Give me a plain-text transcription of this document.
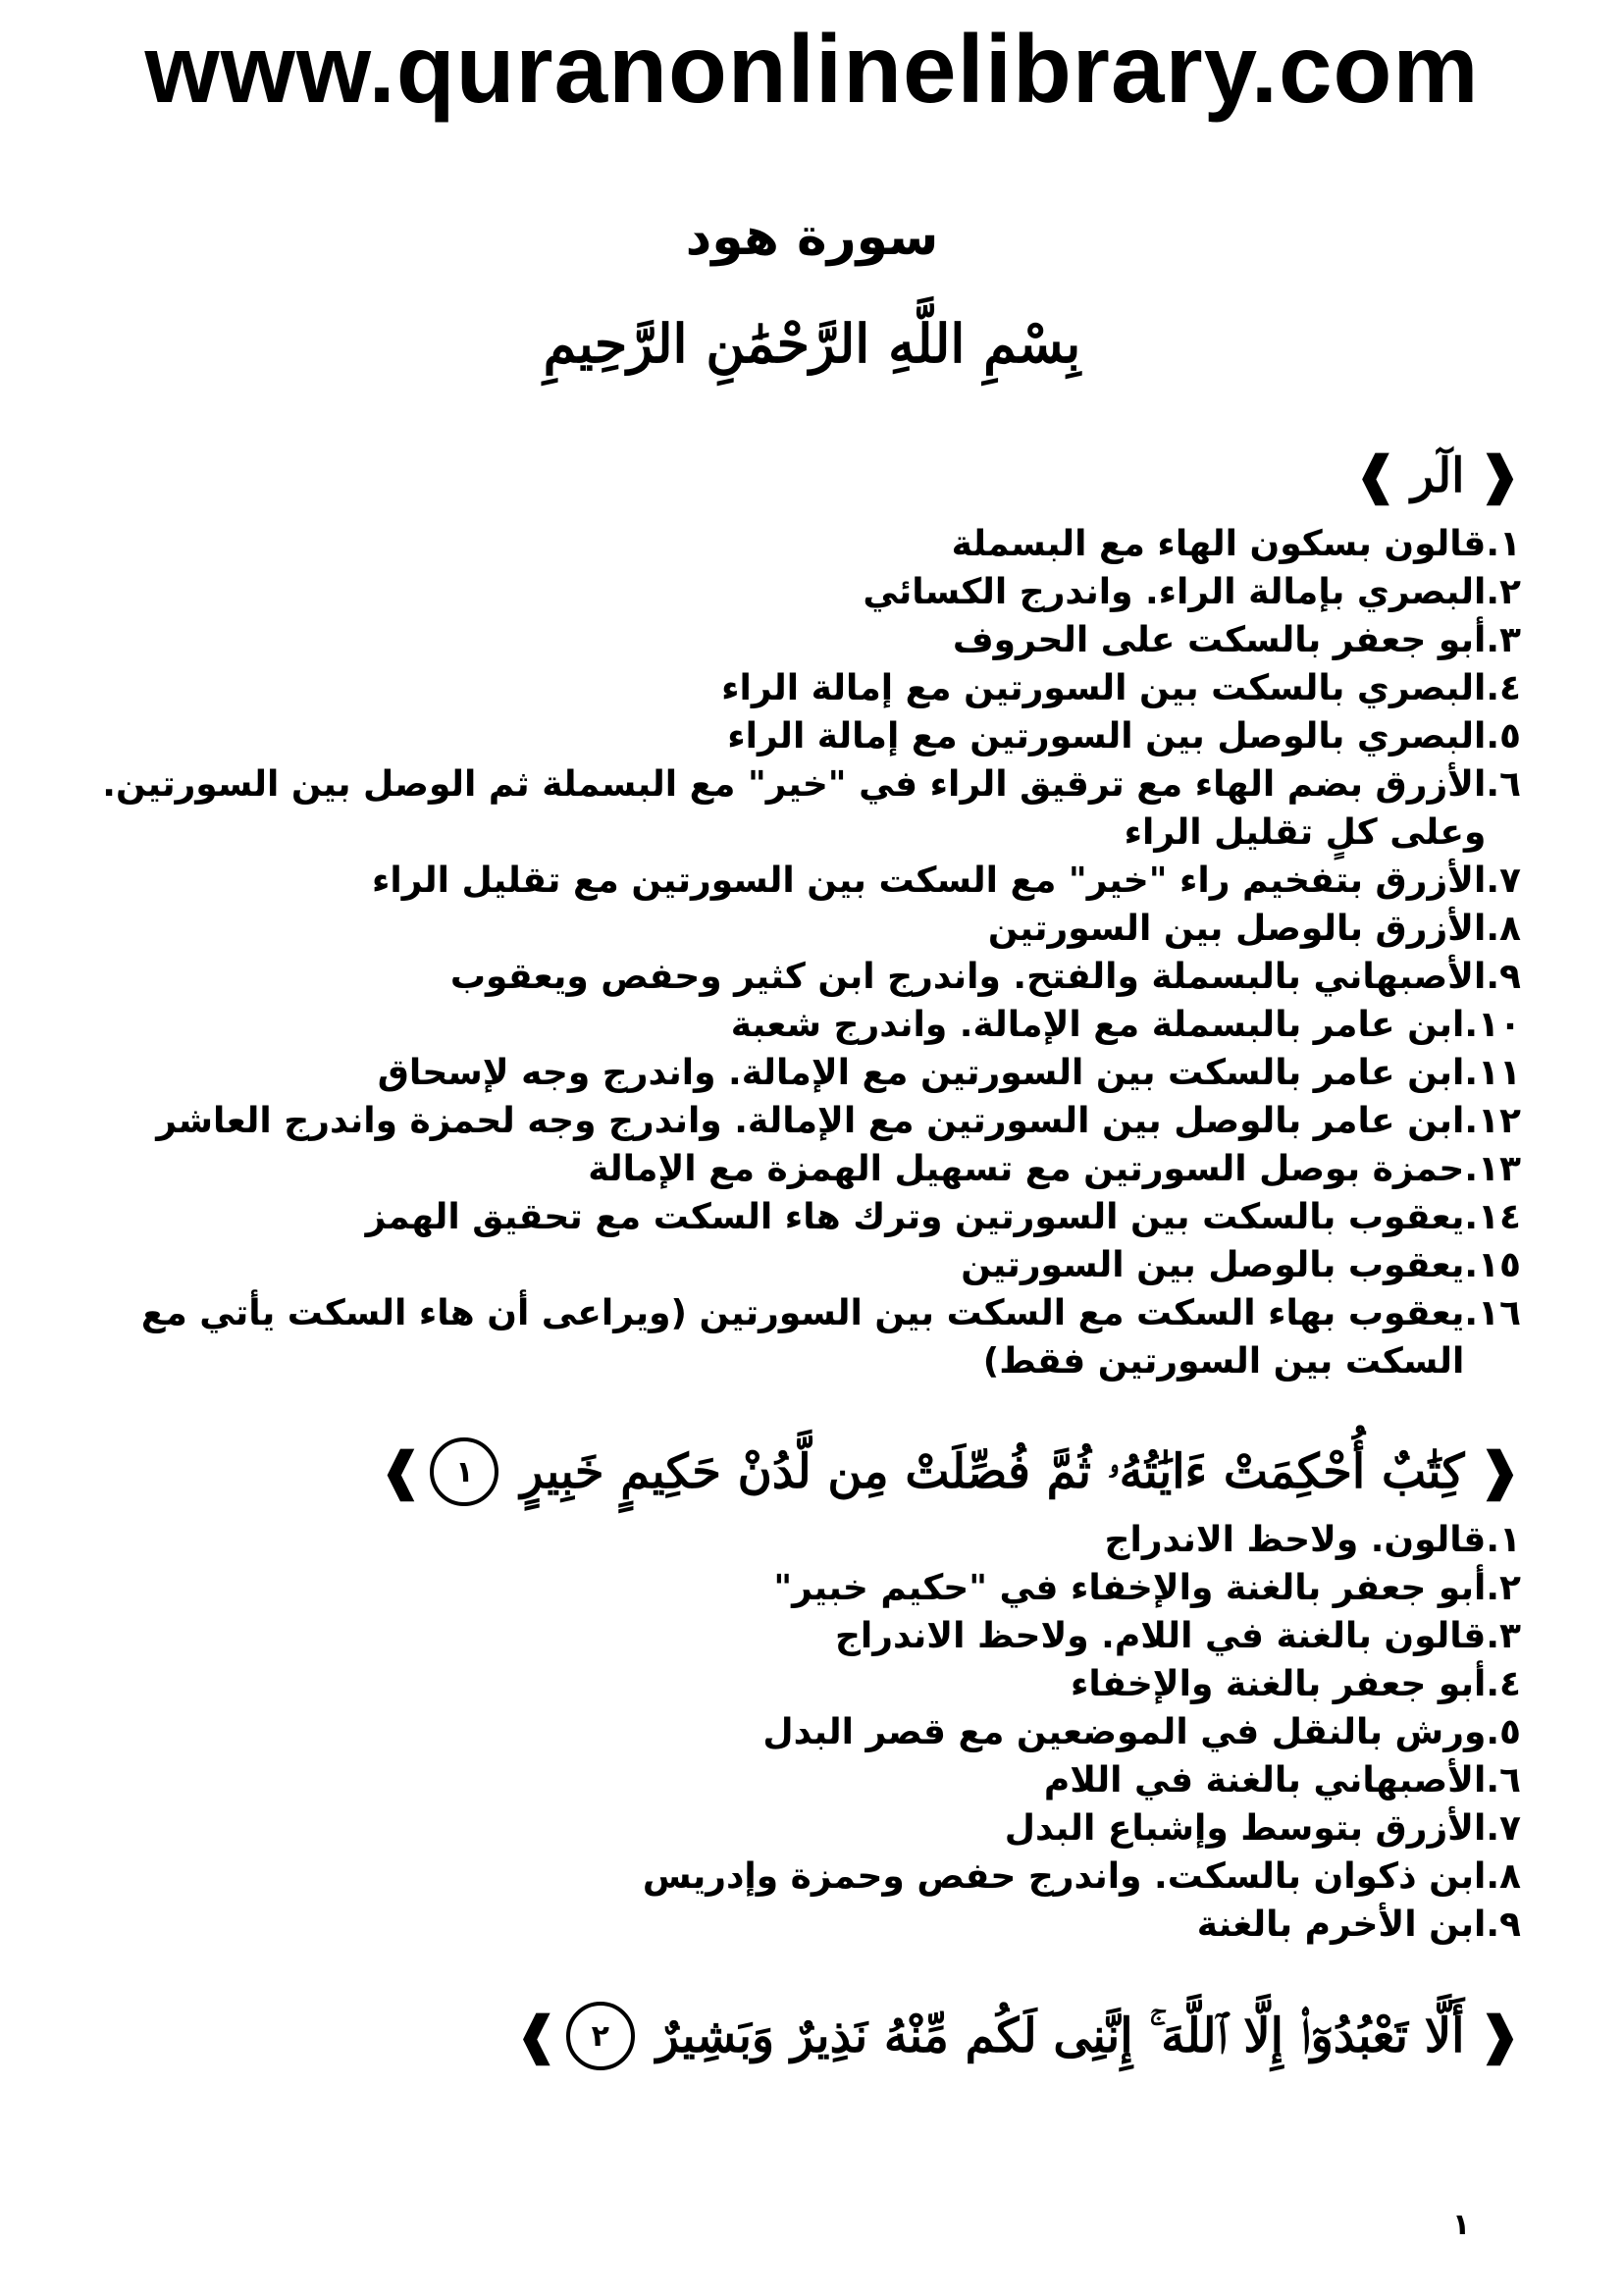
www.quranonlinelibrary.com
سورة هود
بِسْمِ اللَّهِ الرَّحْمَٰنِ الرَّحِيمِ
❰
الٓر
❱
١.
قالون بسكون الهاء مع البسملة
٢.
البصري بإمالة الراء. واندرج الكسائي
٣.
أبو جعفر بالسكت على الحروف
٤.
البصري بالسكت بين السورتين مع إمالة الراء
٥.
البصري بالوصل بين السورتين مع إمالة الراء
٦.
الأزرق بضم الهاء مع ترقيق الراء في "خير" مع البسملة ثم الوصل بين السورتين. وعلى كلٍ تقليل الراء
٧.
الأزرق بتفخيم راء "خير" مع السكت بين السورتين مع تقليل الراء
٨.
الأزرق بالوصل بين السورتين
٩.
الأصبهاني بالبسملة والفتح. واندرج ابن كثير وحفص ويعقوب
١٠.
ابن عامر بالبسملة مع الإمالة. واندرج شعبة
١١.
ابن عامر بالسكت بين السورتين مع الإمالة. واندرج وجه لإسحاق
١٢.
ابن عامر بالوصل بين السورتين مع الإمالة. واندرج وجه لحمزة واندرج العاشر
١٣.
حمزة بوصل السورتين مع تسهيل الهمزة مع الإمالة
١٤.
يعقوب بالسكت بين السورتين وترك هاء السكت مع تحقيق الهمز
١٥.
يعقوب بالوصل بين السورتين
١٦.
يعقوب بهاء السكت مع السكت بين السورتين (ويراعى أن هاء السكت يأتي مع السكت بين السورتين فقط)
❰
كِتَٰبٌ أُحْكِمَتْ ءَايَٰتُهُۥ ثُمَّ فُصِّلَتْ مِن لَّدُنْ حَكِيمٍ خَبِيرٍ
١
❱
١.
قالون. ولاحظ الاندراج
٢.
أبو جعفر بالغنة والإخفاء في "حكيم خبير"
٣.
قالون بالغنة في اللام. ولاحظ الاندراج
٤.
أبو جعفر بالغنة والإخفاء
٥.
ورش بالنقل في الموضعين مع قصر البدل
٦.
الأصبهاني بالغنة في اللام
٧.
الأزرق بتوسط وإشباع البدل
٨.
ابن ذكوان بالسكت. واندرج حفص وحمزة وإدريس
٩.
ابن الأخرم بالغنة
❰
أَلَّا تَعْبُدُوٓا۟ إِلَّا ٱللَّهَ ۚ إِنَّنِى لَكُم مِّنْهُ نَذِيرٌ وَبَشِيرٌ
٢
❱
١
